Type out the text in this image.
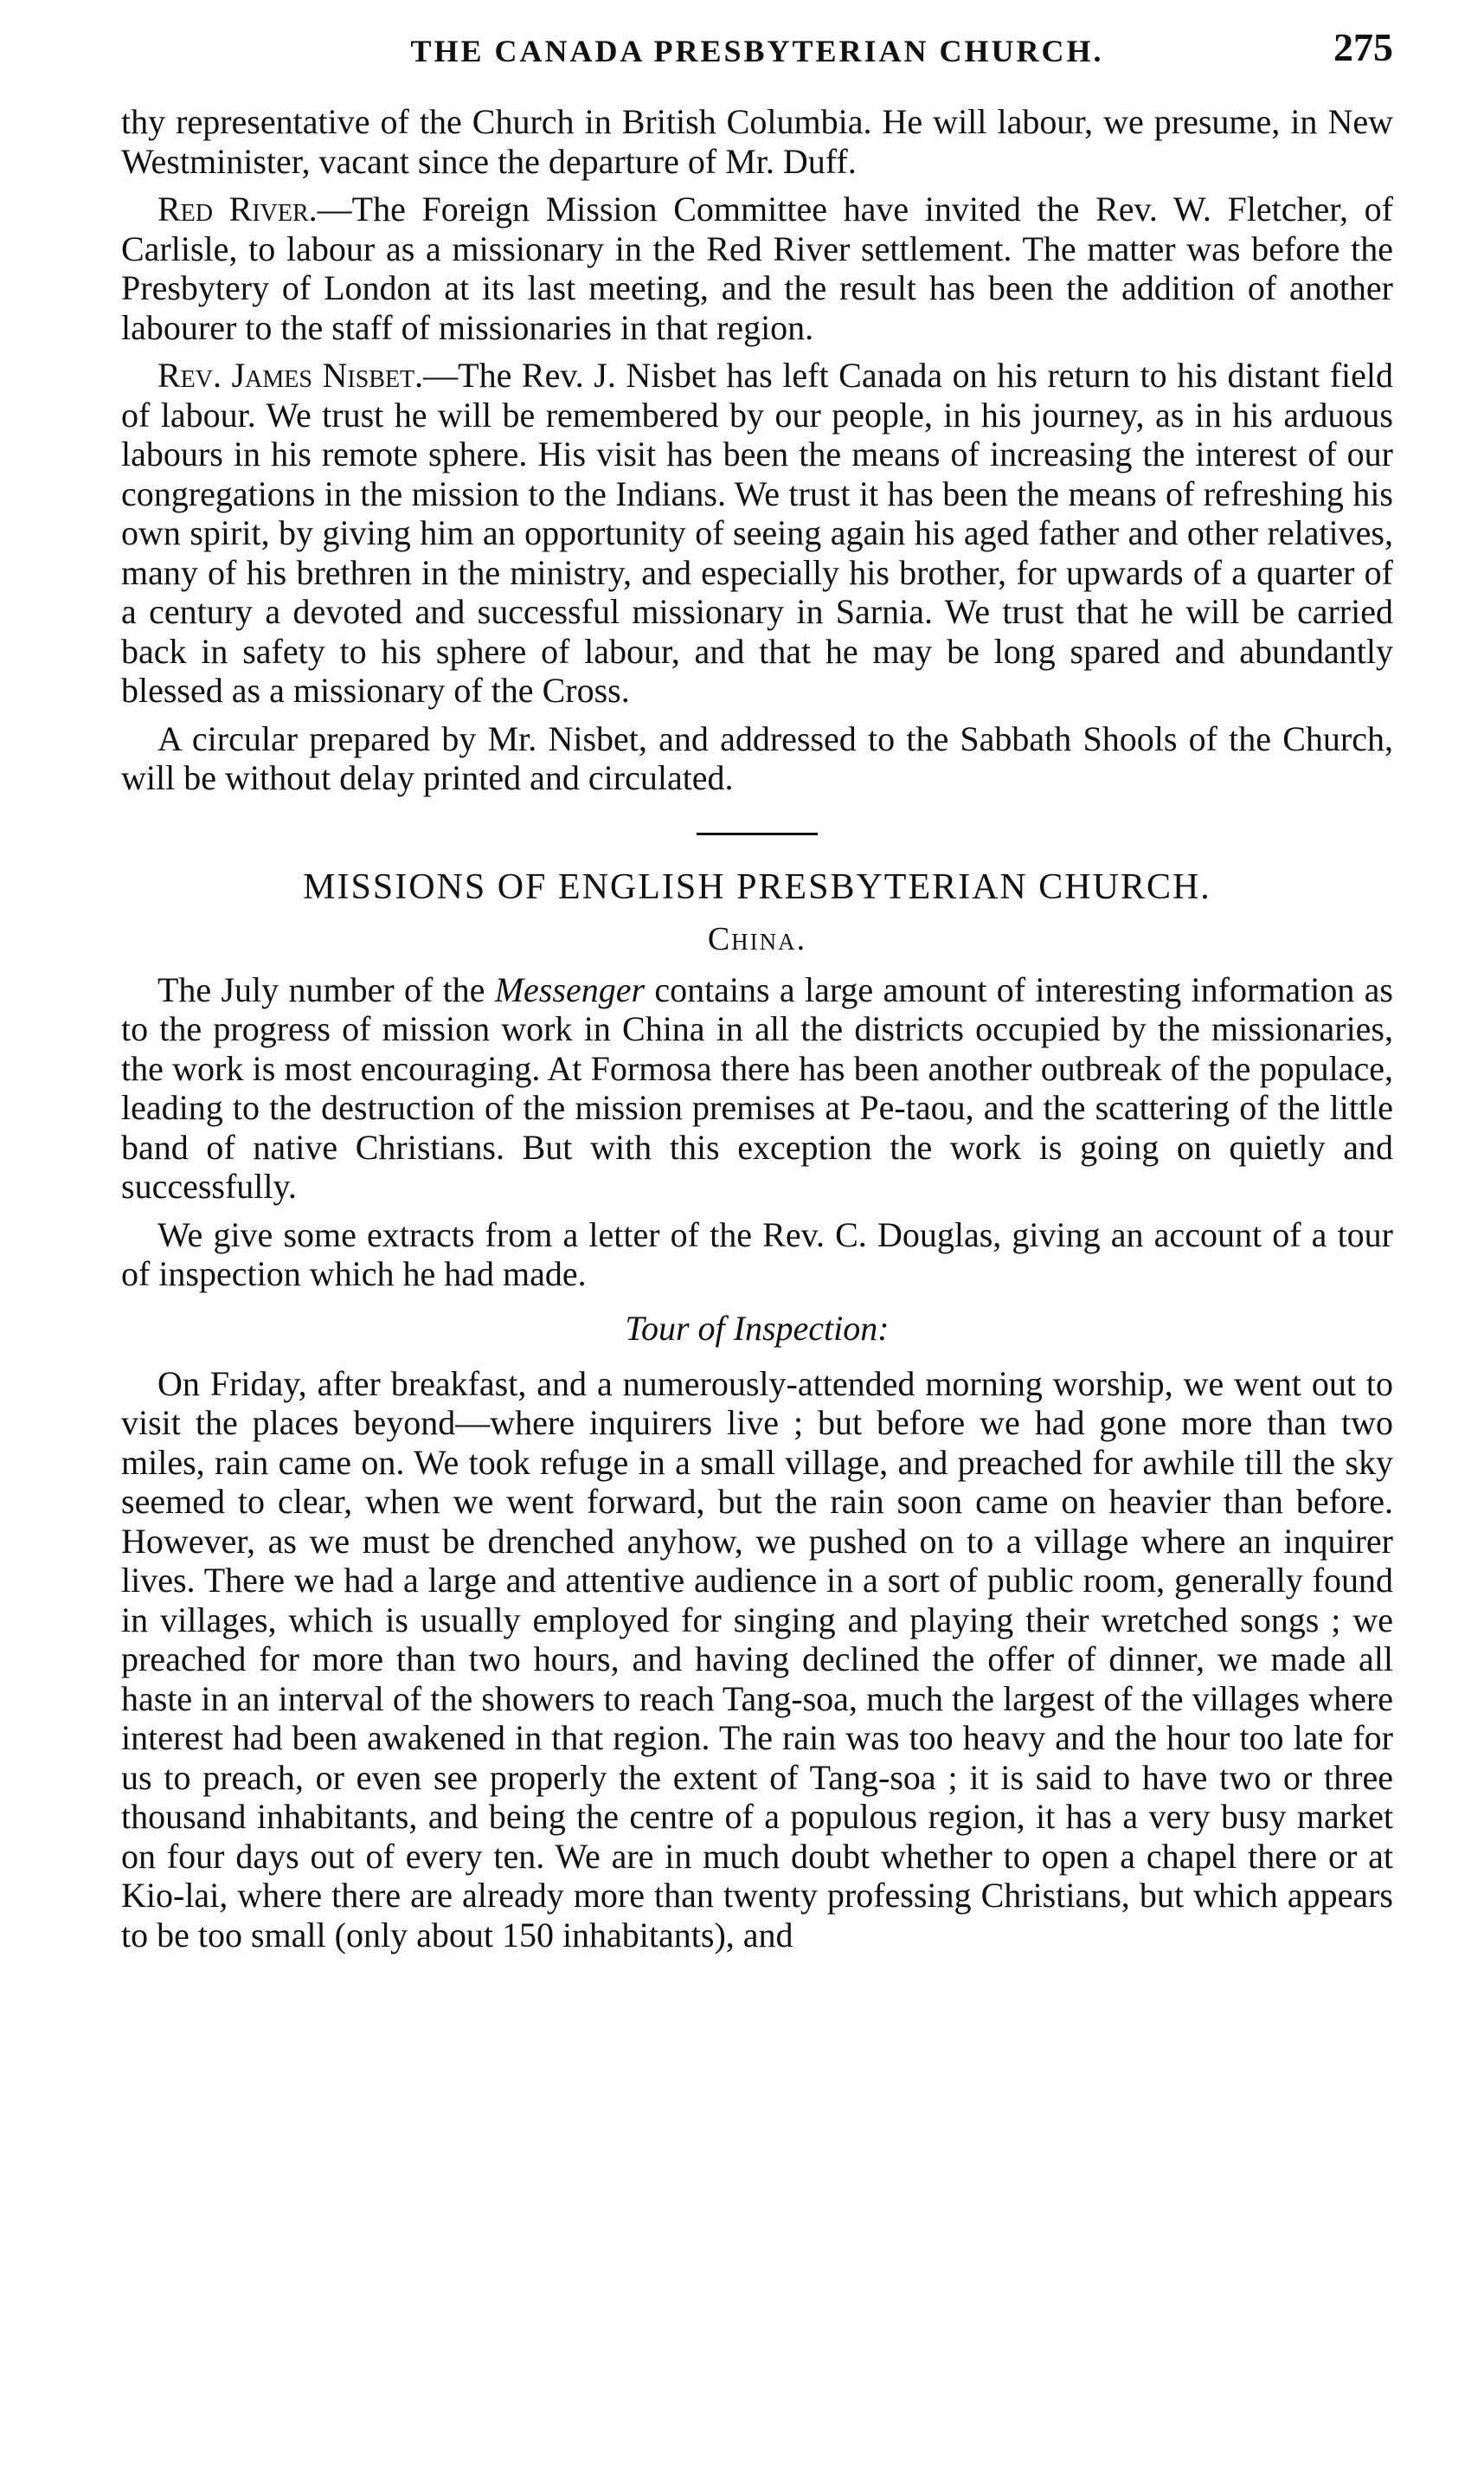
THE CANADA PRESBYTERIAN CHURCH.	275

thy representative of the Church in British Columbia. He will labour, we presume, in New Westminister, vacant since the departure of Mr. Duff.

Red River.—The Foreign Mission Committee have invited the Rev. W. Fletcher, of Carlisle, to labour as a missionary in the Red River settlement. The matter was before the Presbytery of London at its last meeting, and the result has been the addition of another labourer to the staff of missionaries in that region.

Rev. James Nisbet.—The Rev. J. Nisbet has left Canada on his return to his distant field of labour. We trust he will be remembered by our people, in his journey, as in his arduous labours in his remote sphere. His visit has been the means of increasing the interest of our congregations in the mission to the Indians. We trust it has been the means of refreshing his own spirit, by giving him an opportunity of seeing again his aged father and other relatives, many of his brethren in the ministry, and especially his brother, for upwards of a quarter of a century a devoted and successful missionary in Sarnia. We trust that he will be carried back in safety to his sphere of labour, and that he may be long spared and abundantly blessed as a missionary of the Cross.

A circular prepared by Mr. Nisbet, and addressed to the Sabbath Shools of the Church, will be without delay printed and circulated.

MISSIONS OF ENGLISH PRESBYTERIAN CHURCH.
China.

The July number of the Messenger contains a large amount of interesting information as to the progress of mission work in China in all the districts occupied by the missionaries, the work is most encouraging. At Formosa there has been another outbreak of the populace, leading to the destruction of the mission premises at Pe-taou, and the scattering of the little band of native Christians. But with this exception the work is going on quietly and successfully.

We give some extracts from a letter of the Rev. C. Douglas, giving an account of a tour of inspection which he had made.

Tour of Inspection:

On Friday, after breakfast, and a numerously-attended morning worship, we went out to visit the places beyond—where inquirers live ; but before we had gone more than two miles, rain came on. We took refuge in a small village, and preached for awhile till the sky seemed to clear, when we went forward, but the rain soon came on heavier than before. However, as we must be drenched anyhow, we pushed on to a village where an inquirer lives. There we had a large and attentive audience in a sort of public room, generally found in villages, which is usually employed for singing and playing their wretched songs ; we preached for more than two hours, and having declined the offer of dinner, we made all haste in an interval of the showers to reach Tang-soa, much the largest of the villages where interest had been awakened in that region. The rain was too heavy and the hour too late for us to preach, or even see properly the extent of Tang-soa ; it is said to have two or three thousand inhabitants, and being the centre of a populous region, it has a very busy market on four days out of every ten. We are in much doubt whether to open a chapel there or at Kio-lai, where there are already more than twenty professing Christians, but which appears to be too small (only about 150 inhabitants), and
